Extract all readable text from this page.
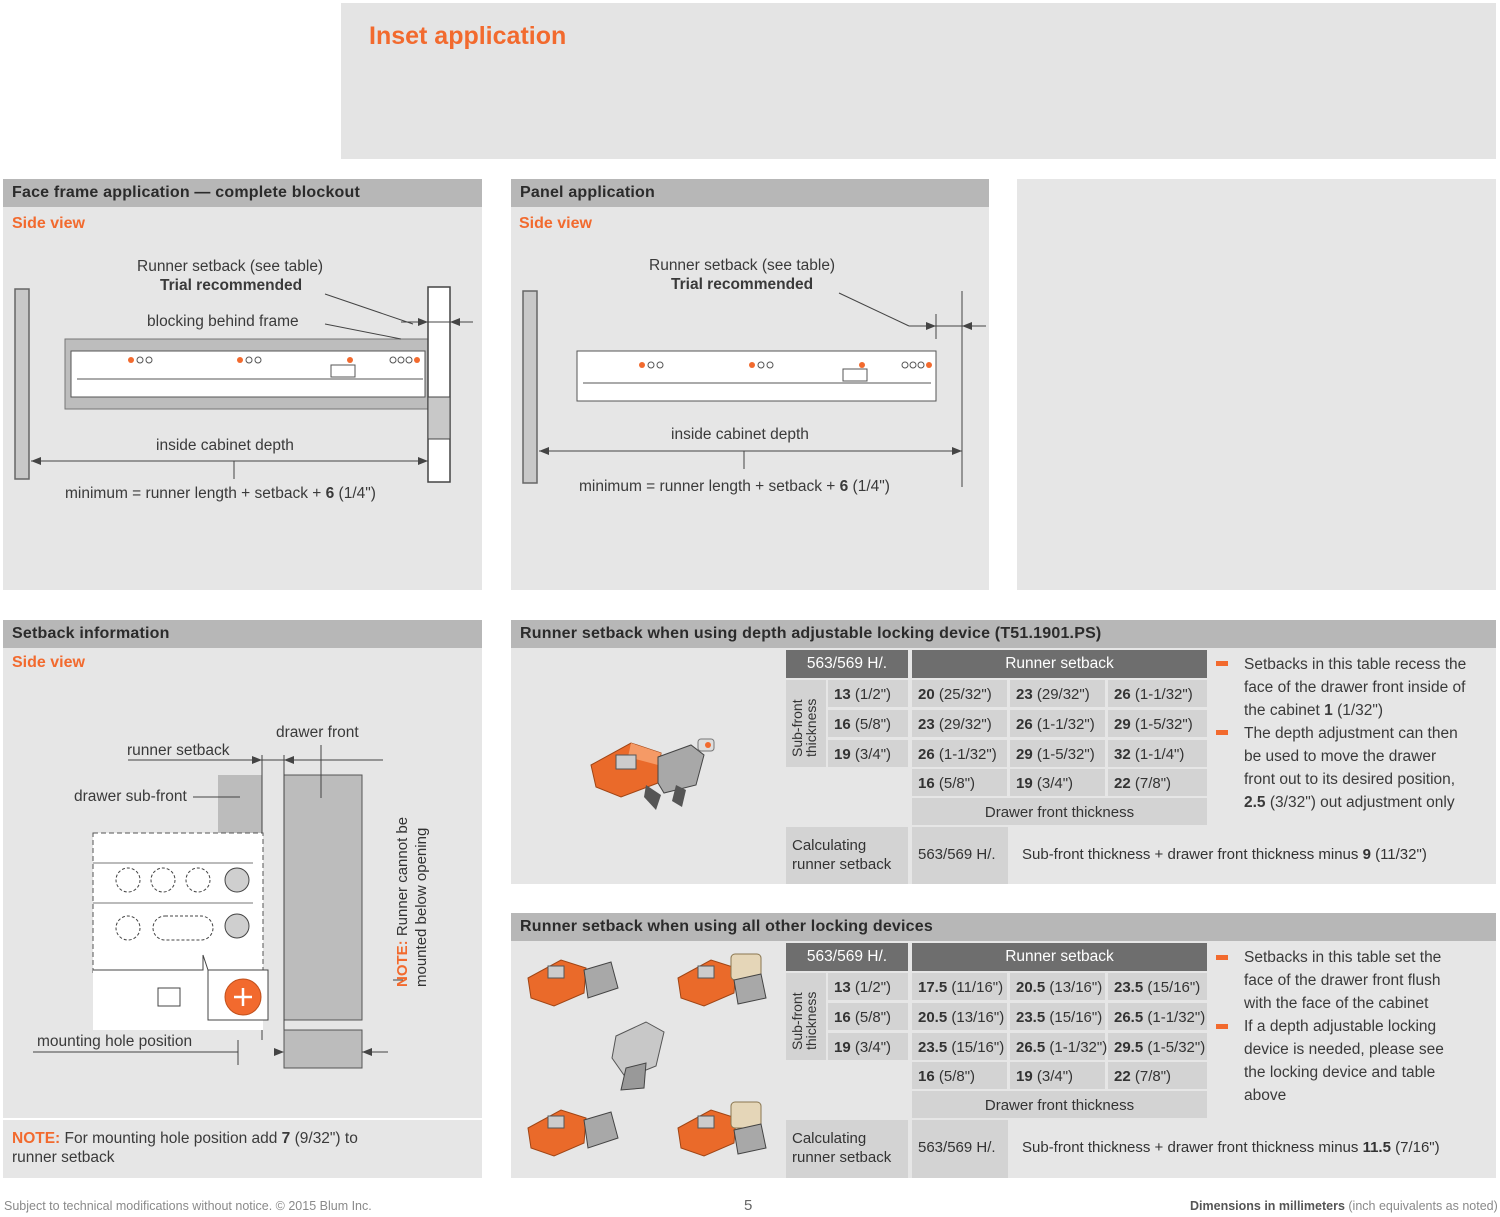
Inset application
Face frame application — complete blockout
Side view
Runner setback (see table)
Trial recommended
blocking behind frame
inside cabinet depth
minimum = runner length + setback + 6 (1/4")
Panel application
Side view
Runner setback (see table)
Trial recommended
inside cabinet depth
minimum = runner length + setback + 6 (1/4")
Setback information
Side view
drawer front
runner setback
drawer sub-front
mounting hole position
NOTE: Runner cannot be mounted below opening
NOTE: For mounting hole position add 7 (9/32") to
runner setback
Runner setback when using depth adjustable locking device (T51.1901.PS)
563/569 H/.	Runner setback
Sub-front thickness
13 (1/2")	20 (25/32")	23 (29/32")	26 (1-1/32")
16 (5/8")	23 (29/32")	26 (1-1/32")	29 (1-5/32")
19 (3/4")	26 (1-1/32")	29 (1-5/32")	32 (1-1/4")
16 (5/8")	19 (3/4")	22 (7/8")
Drawer front thickness
Calculating
runner setback
563/569 H/.	Sub-front thickness + drawer front thickness minus 9 (11/32")
Setbacks in this table recess the
face of the drawer front inside of
the cabinet 1 (1/32")
The depth adjustment can then
be used to move the drawer
front out to its desired position,
2.5 (3/32") out adjustment only
Runner setback when using all other locking devices
563/569 H/.	Runner setback
Sub-front thickness
13 (1/2")	17.5 (11/16") 20.5 (13/16") 23.5 (15/16")
16 (5/8")	20.5 (13/16") 23.5 (15/16") 26.5 (1-1/32")
19 (3/4")	23.5 (15/16") 26.5 (1-1/32") 29.5 (1-5/32")
16 (5/8")	19 (3/4")	22 (7/8")
Drawer front thickness
Calculating
runner setback
563/569 H/.	Sub-front thickness + drawer front thickness minus 11.5 (7/16")
Setbacks in this table set the
face of the drawer front flush
with the face of the cabinet
If a depth adjustable locking
device is needed, please see
the locking device and table
above
Subject to technical modifications without notice. © 2015 Blum Inc.	5	Dimensions in millimeters (inch equivalents as noted)
